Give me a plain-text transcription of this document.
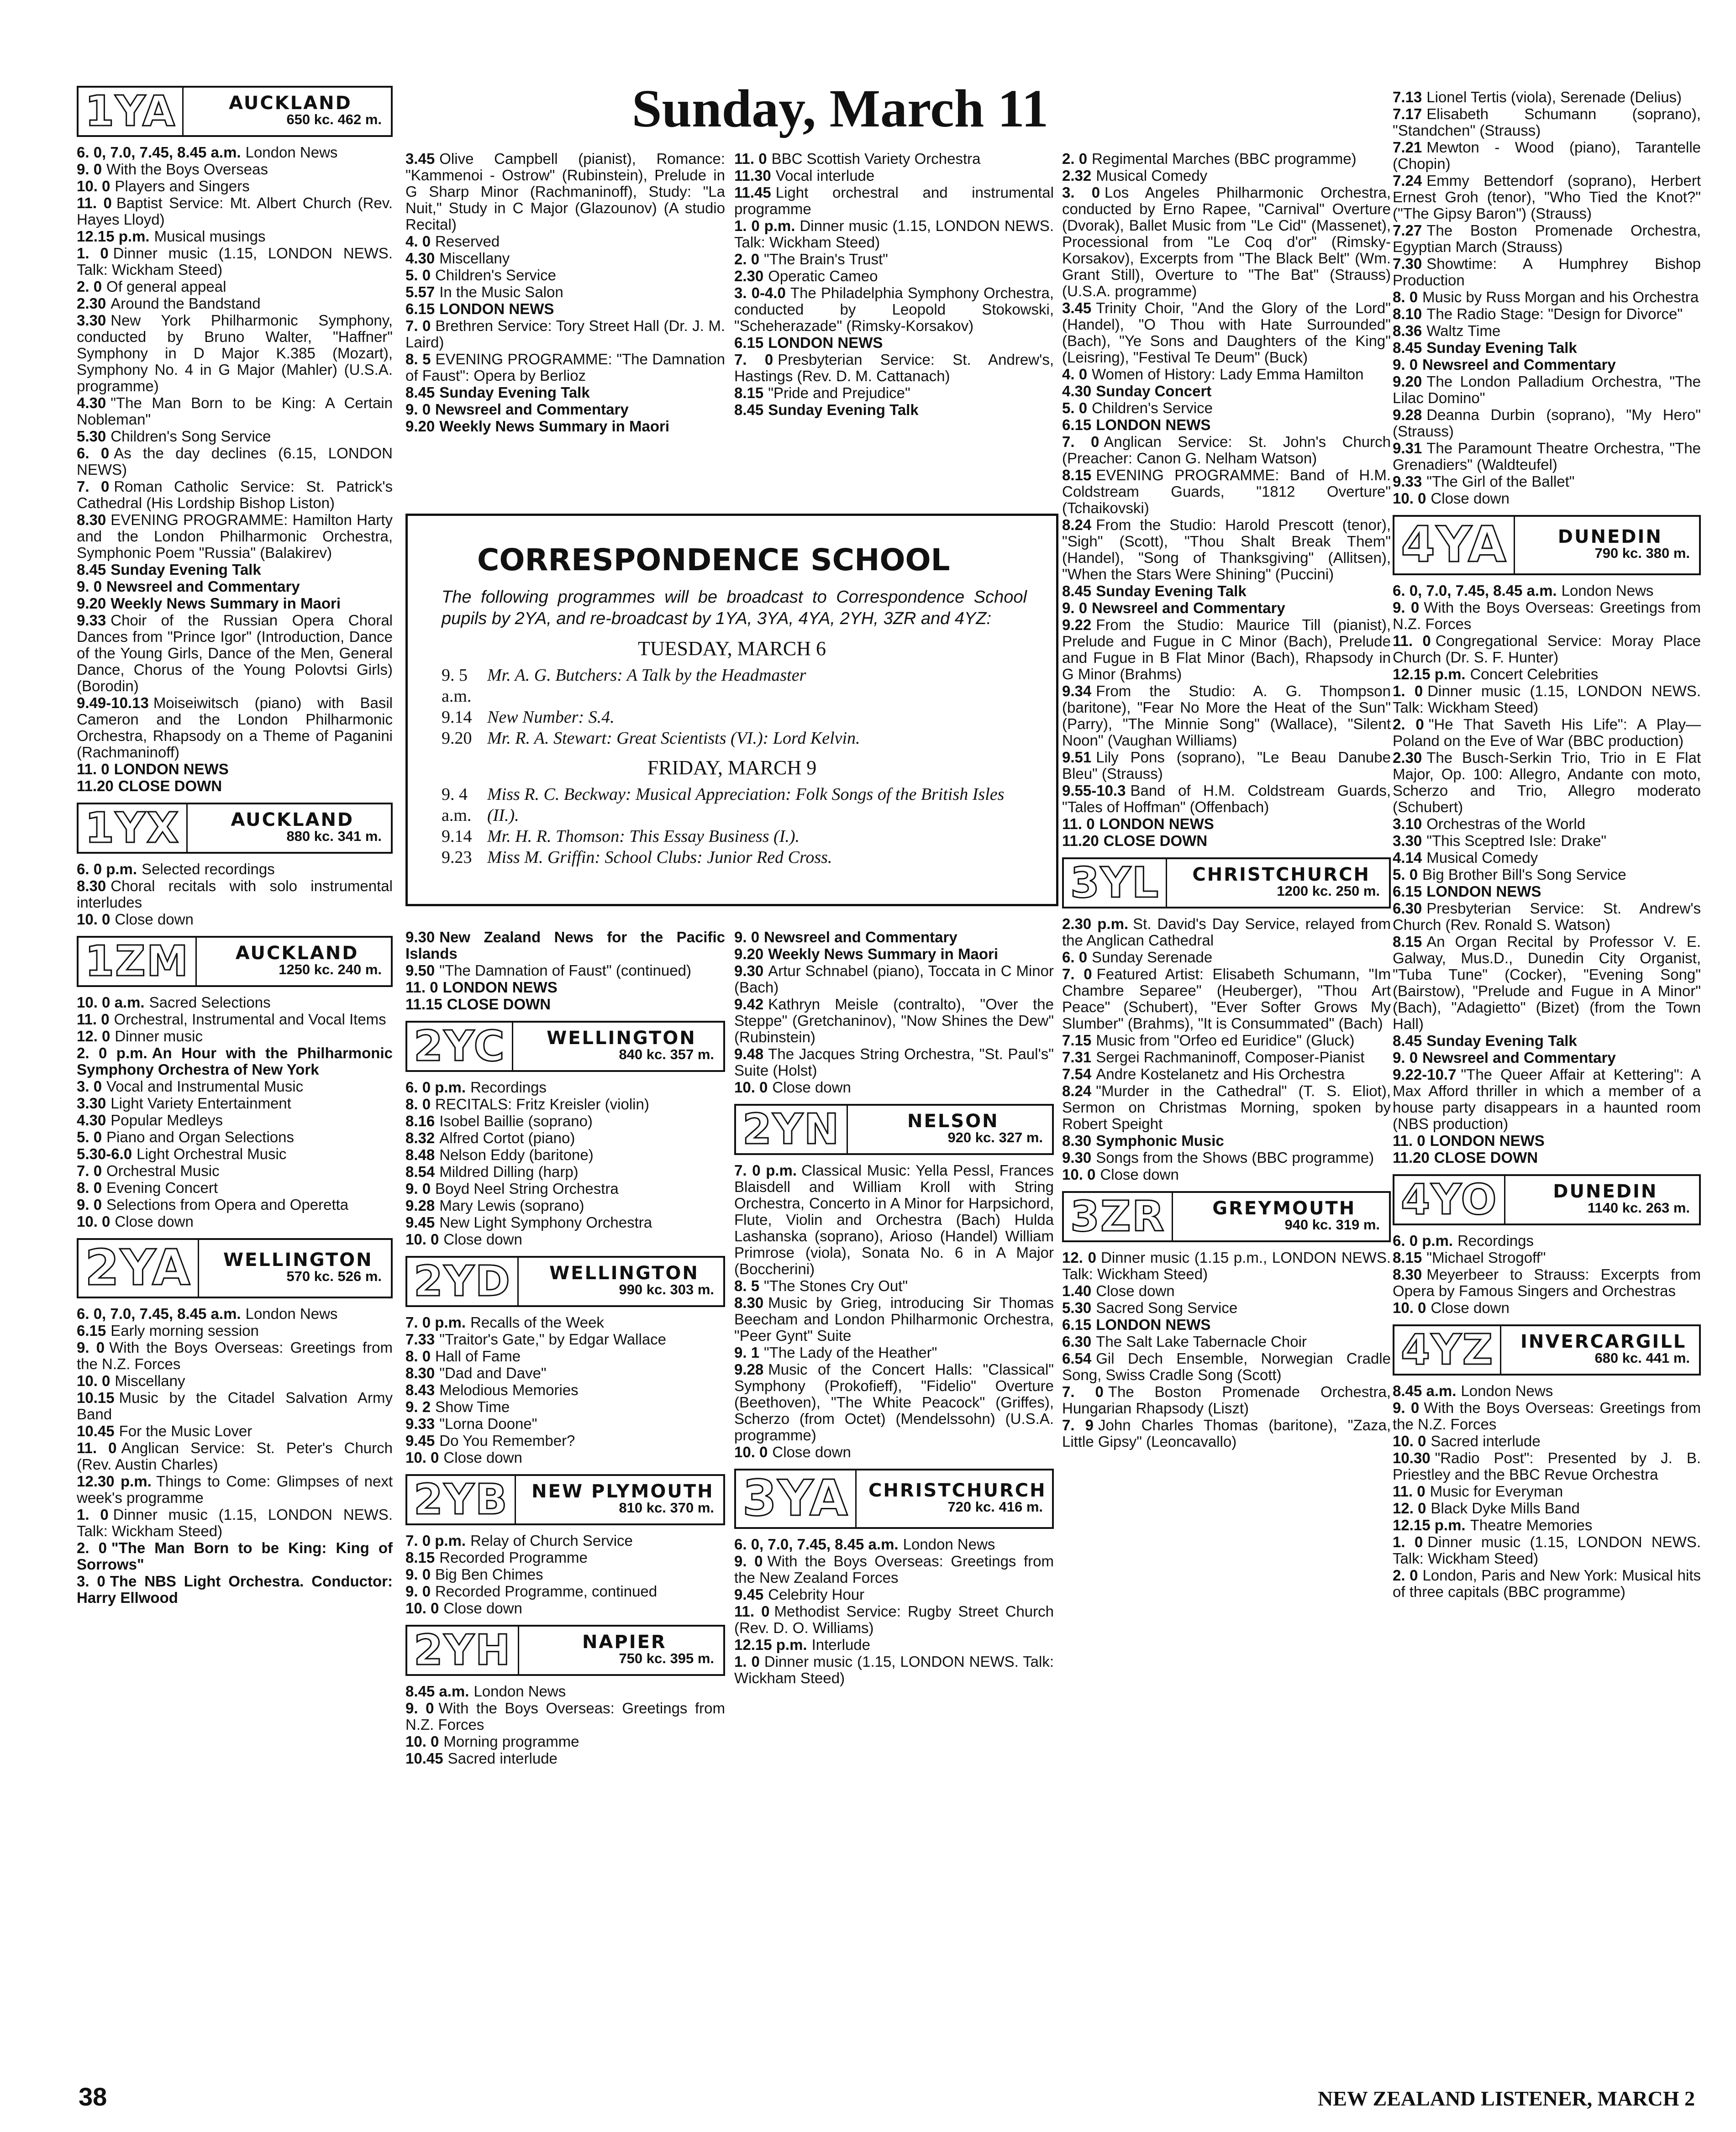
Sunday, March 11
1YA	AUCKLAND
650 kc. 462 m.
6. 0, 7.0, 7.45, 8.45 a.m. London News
9. 0 With the Boys Overseas
10. 0 Players and Singers
11. 0 Baptist Service: Mt. Albert Church (Rev. Hayes Lloyd)
12.15 p.m. Musical musings
1. 0 Dinner music (1.15, LONDON NEWS. Talk: Wickham Steed)
2. 0 Of general appeal
2.30 Around the Bandstand
3.30 New York Philharmonic Symphony, conducted by Bruno Walter, "Haffner" Symphony in D Major K.385 (Mozart), Symphony No. 4 in G Major (Mahler) (U.S.A. programme)
4.30 "The Man Born to be King: A Certain Nobleman"
5.30 Children's Song Service
6. 0 As the day declines (6.15, LONDON NEWS)
7. 0 Roman Catholic Service: St. Patrick's Cathedral (His Lordship Bishop Liston)
8.30 EVENING PROGRAMME: Hamilton Harty and the London Philharmonic Orchestra, Symphonic Poem "Russia" (Balakirev)
8.45 Sunday Evening Talk
9. 0 Newsreel and Commentary
9.20 Weekly News Summary in Maori
9.33 Choir of the Russian Opera Choral Dances from "Prince Igor" (Introduction, Dance of the Young Girls, Dance of the Men, General Dance, Chorus of the Young Polovtsi Girls) (Borodin)
9.49-10.13 Moiseiwitsch (piano) with Basil Cameron and the London Philharmonic Orchestra, Rhapsody on a Theme of Paganini (Rachmaninoff)
11. 0 LONDON NEWS
11.20 CLOSE DOWN
1YX	AUCKLAND
880 kc. 341 m.
6. 0 p.m. Selected recordings
8.30 Choral recitals with solo instrumental interludes
10. 0 Close down
1ZM	AUCKLAND
1250 kc. 240 m.
10. 0 a.m. Sacred Selections
11. 0 Orchestral, Instrumental and Vocal Items
12. 0 Dinner music
2. 0 p.m. An Hour with the Philharmonic Symphony Orchestra of New York
3. 0 Vocal and Instrumental Music
3.30 Light Variety Entertainment
4.30 Popular Medleys
5. 0 Piano and Organ Selections
5.30-6.0 Light Orchestral Music
7. 0 Orchestral Music
8. 0 Evening Concert
9. 0 Selections from Opera and Operetta
10. 0 Close down
2YA	WELLINGTON
570 kc. 526 m.
6. 0, 7.0, 7.45, 8.45 a.m. London News
6.15 Early morning session
9. 0 With the Boys Overseas: Greetings from the N.Z. Forces
10. 0 Miscellany
10.15 Music by the Citadel Salvation Army Band
10.45 For the Music Lover
11. 0 Anglican Service: St. Peter's Church (Rev. Austin Charles)
12.30 p.m. Things to Come: Glimpses of next week's programme
1. 0 Dinner music (1.15, LONDON NEWS. Talk: Wickham Steed)
2. 0 "The Man Born to be King: King of Sorrows"
3. 0 The NBS Light Orchestra. Conductor: Harry Ellwood
3.45 Olive Campbell (pianist), Romance: "Kammenoi - Ostrow" (Rubinstein), Prelude in G Sharp Minor (Rachmaninoff), Study: "La Nuit," Study in C Major (Glazounov) (A studio Recital)
4. 0 Reserved
4.30 Miscellany
5. 0 Children's Service
5.57 In the Music Salon
6.15 LONDON NEWS
7. 0 Brethren Service: Tory Street Hall (Dr. J. M. Laird)
8. 5 EVENING PROGRAMME: "The Damnation of Faust": Opera by Berlioz
8.45 Sunday Evening Talk
9. 0 Newsreel and Commentary
9.20 Weekly News Summary in Maori
11. 0 BBC Scottish Variety Orchestra
11.30 Vocal interlude
11.45 Light orchestral and instrumental programme
1. 0 p.m. Dinner music (1.15, LONDON NEWS. Talk: Wickham Steed)
2. 0 "The Brain's Trust"
2.30 Operatic Cameo
3. 0-4.0 The Philadelphia Symphony Orchestra, conducted by Leopold Stokowski, "Scheherazade" (Rimsky-Korsakov)
6.15 LONDON NEWS
7. 0 Presbyterian Service: St. Andrew's, Hastings (Rev. D. M. Cattanach)
8.15 "Pride and Prejudice"
8.45 Sunday Evening Talk
2. 0 Regimental Marches (BBC programme)
2.32 Musical Comedy
3. 0 Los Angeles Philharmonic Orchestra, conducted by Erno Rapee, "Carnival" Overture (Dvorak), Ballet Music from "Le Cid" (Massenet), Processional from "Le Coq d'or" (Rimsky-Korsakov), Excerpts from "The Black Belt" (Wm. Grant Still), Overture to "The Bat" (Strauss) (U.S.A. programme)
3.45 Trinity Choir, "And the Glory of the Lord" (Handel), "O Thou with Hate Surrounded" (Bach), "Ye Sons and Daughters of the King" (Leisring), "Festival Te Deum" (Buck)
4. 0 Women of History: Lady Emma Hamilton
4.30 Sunday Concert
5. 0 Children's Service
6.15 LONDON NEWS
7. 0 Anglican Service: St. John's Church (Preacher: Canon G. Nelham Watson)
8.15 EVENING PROGRAMME: Band of H.M. Coldstream Guards, "1812 Overture" (Tchaikovski)
8.24 From the Studio: Harold Prescott (tenor), "Sigh" (Scott), "Thou Shalt Break Them" (Handel), "Song of Thanksgiving" (Allitsen), "When the Stars Were Shining" (Puccini)
8.45 Sunday Evening Talk
9. 0 Newsreel and Commentary
9.22 From the Studio: Maurice Till (pianist), Prelude and Fugue in C Minor (Bach), Prelude and Fugue in B Flat Minor (Bach), Rhapsody in G Minor (Brahms)
9.34 From the Studio: A. G. Thompson (baritone), "Fear No More the Heat of the Sun" (Parry), "The Minnie Song" (Wallace), "Silent Noon" (Vaughan Williams)
9.51 Lily Pons (soprano), "Le Beau Danube Bleu" (Strauss)
9.55-10.3 Band of H.M. Coldstream Guards, "Tales of Hoffman" (Offenbach)
11. 0 LONDON NEWS
11.20 CLOSE DOWN
3YL	CHRISTCHURCH
1200 kc. 250 m.
2.30 p.m. St. David's Day Service, relayed from the Anglican Cathedral
6. 0 Sunday Serenade
7. 0 Featured Artist: Elisabeth Schumann, "Im Chambre Separee" (Heuberger), "Thou Art Peace" (Schubert), "Ever Softer Grows My Slumber" (Brahms), "It is Consummated" (Bach)
7.15 Music from "Orfeo ed Euridice" (Gluck)
7.31 Sergei Rachmaninoff, Composer-Pianist
7.54 Andre Kostelanetz and His Orchestra
8.24 "Murder in the Cathedral" (T. S. Eliot), Sermon on Christmas Morning, spoken by Robert Speight
8.30 Symphonic Music
9.30 Songs from the Shows (BBC programme)
10. 0 Close down
3ZR	GREYMOUTH
940 kc. 319 m.
12. 0 Dinner music (1.15 p.m., LONDON NEWS. Talk: Wickham Steed)
1.40 Close down
5.30 Sacred Song Service
6.15 LONDON NEWS
6.30 The Salt Lake Tabernacle Choir
6.54 Gil Dech Ensemble, Norwegian Cradle Song, Swiss Cradle Song (Scott)
7. 0 The Boston Promenade Orchestra, Hungarian Rhapsody (Liszt)
7. 9 John Charles Thomas (baritone), "Zaza, Little Gipsy" (Leoncavallo)
7.13 Lionel Tertis (viola), Serenade (Delius)
7.17 Elisabeth Schumann (soprano), "Standchen" (Strauss)
7.21 Mewton - Wood (piano), Tarantelle (Chopin)
7.24 Emmy Bettendorf (soprano), Herbert Ernest Groh (tenor), "Who Tied the Knot?" ("The Gipsy Baron") (Strauss)
7.27 The Boston Promenade Orchestra, Egyptian March (Strauss)
7.30 Showtime: A Humphrey Bishop Production
8. 0 Music by Russ Morgan and his Orchestra
8.10 The Radio Stage: "Design for Divorce"
8.36 Waltz Time
8.45 Sunday Evening Talk
9. 0 Newsreel and Commentary
9.20 The London Palladium Orchestra, "The Lilac Domino"
9.28 Deanna Durbin (soprano), "My Hero" (Strauss)
9.31 The Paramount Theatre Orchestra, "The Grenadiers" (Waldteufel)
9.33 "The Girl of the Ballet"
10. 0 Close down
4YA	DUNEDIN
790 kc. 380 m.
6. 0, 7.0, 7.45, 8.45 a.m. London News
9. 0 With the Boys Overseas: Greetings from N.Z. Forces
11. 0 Congregational Service: Moray Place Church (Dr. S. F. Hunter)
12.15 p.m. Concert Celebrities
1. 0 Dinner music (1.15, LONDON NEWS. Talk: Wickham Steed)
2. 0 "He That Saveth His Life": A Play—Poland on the Eve of War (BBC production)
2.30 The Busch-Serkin Trio, Trio in E Flat Major, Op. 100: Allegro, Andante con moto, Scherzo and Trio, Allegro moderato (Schubert)
3.10 Orchestras of the World
3.30 "This Sceptred Isle: Drake"
4.14 Musical Comedy
5. 0 Big Brother Bill's Song Service
6.15 LONDON NEWS
6.30 Presbyterian Service: St. Andrew's Church (Rev. Ronald S. Watson)
8.15 An Organ Recital by Professor V. E. Galway, Mus.D., Dunedin City Organist, "Tuba Tune" (Cocker), "Evening Song" (Bairstow), "Prelude and Fugue in A Minor" (Bach), "Adagietto" (Bizet) (from the Town Hall)
8.45 Sunday Evening Talk
9. 0 Newsreel and Commentary
9.22-10.7 "The Queer Affair at Kettering": A Max Afford thriller in which a member of a house party disappears in a haunted room (NBS production)
11. 0 LONDON NEWS
11.20 CLOSE DOWN
4YO	DUNEDIN
1140 kc. 263 m.
6. 0 p.m. Recordings
8.15 "Michael Strogoff"
8.30 Meyerbeer to Strauss: Excerpts from Opera by Famous Singers and Orchestras
10. 0 Close down
4YZ	INVERCARGILL
680 kc. 441 m.
8.45 a.m. London News
9. 0 With the Boys Overseas: Greetings from the N.Z. Forces
10. 0 Sacred interlude
10.30 "Radio Post": Presented by J. B. Priestley and the BBC Revue Orchestra
11. 0 Music for Everyman
12. 0 Black Dyke Mills Band
12.15 p.m. Theatre Memories
1. 0 Dinner music (1.15, LONDON NEWS. Talk: Wickham Steed)
2. 0 London, Paris and New York: Musical hits of three capitals (BBC programme)
CORRESPONDENCE SCHOOL
The following programmes will be broadcast to Correspondence School pupils by 2YA, and re-broadcast by 1YA, 3YA, 4YA, 2YH, 3ZR and 4YZ:
TUESDAY, MARCH 6
9. 5 a.m.
Mr. A. G. Butchers: A Talk by the Headmaster
9.14 New Number: S.4.
9.20 Mr. R. A. Stewart: Great Scientists (VI.): Lord Kelvin.
FRIDAY, MARCH 9
9. 4 a.m.
Miss R. C. Beckway: Musical Appreciation: Folk Songs of the British Isles (II.).
9.14 Mr. H. R. Thomson: This Essay Business (I.).
9.23 Miss M. Griffin: School Clubs: Junior Red Cross.
9.30 New Zealand News for the Pacific Islands
9.50 "The Damnation of Faust" (continued)
11. 0 LONDON NEWS
11.15 CLOSE DOWN
2YC	WELLINGTON
840 kc. 357 m.
6. 0 p.m. Recordings
8. 0 RECITALS: Fritz Kreisler (violin)
8.16 Isobel Baillie (soprano)
8.32 Alfred Cortot (piano)
8.48 Nelson Eddy (baritone)
8.54 Mildred Dilling (harp)
9. 0 Boyd Neel String Orchestra
9.28 Mary Lewis (soprano)
9.45 New Light Symphony Orchestra
10. 0 Close down
2YD	WELLINGTON
990 kc. 303 m.
7. 0 p.m. Recalls of the Week
7.33 "Traitor's Gate," by Edgar Wallace
8. 0 Hall of Fame
8.30 "Dad and Dave"
8.43 Melodious Memories
9. 2 Show Time
9.33 "Lorna Doone"
9.45 Do You Remember?
10. 0 Close down
2YB	NEW PLYMOUTH
810 kc. 370 m.
7. 0 p.m. Relay of Church Service
8.15 Recorded Programme
9. 0 Big Ben Chimes
9. 0 Recorded Programme, continued
10. 0 Close down
2YH	NAPIER
750 kc. 395 m.
8.45 a.m. London News
9. 0 With the Boys Overseas: Greetings from N.Z. Forces
10. 0 Morning programme
10.45 Sacred interlude
9. 0 Newsreel and Commentary
9.20 Weekly News Summary in Maori
9.30 Artur Schnabel (piano), Toccata in C Minor (Bach)
9.42 Kathryn Meisle (contralto), "Over the Steppe" (Gretchaninov), "Now Shines the Dew" (Rubinstein)
9.48 The Jacques String Orchestra, "St. Paul's" Suite (Holst)
10. 0 Close down
2YN	NELSON
920 kc. 327 m.
7. 0 p.m. Classical Music: Yella Pessl, Frances Blaisdell and William Kroll with String Orchestra, Concerto in A Minor for Harpsichord, Flute, Violin and Orchestra (Bach) Hulda Lashanska (soprano), Arioso (Handel) William Primrose (viola), Sonata No. 6 in A Major (Boccherini)
8. 5 "The Stones Cry Out"
8.30 Music by Grieg, introducing Sir Thomas Beecham and London Philharmonic Orchestra, "Peer Gynt" Suite
9. 1 "The Lady of the Heather"
9.28 Music of the Concert Halls: "Classical" Symphony (Prokofieff), "Fidelio" Overture (Beethoven), "The White Peacock" (Griffes), Scherzo (from Octet) (Mendelssohn) (U.S.A. programme)
10. 0 Close down
3YA	CHRISTCHURCH
720 kc. 416 m.
6. 0, 7.0, 7.45, 8.45 a.m. London News
9. 0 With the Boys Overseas: Greetings from the New Zealand Forces
9.45 Celebrity Hour
11. 0 Methodist Service: Rugby Street Church (Rev. D. O. Williams)
12.15 p.m. Interlude
1. 0 Dinner music (1.15, LONDON NEWS. Talk: Wickham Steed)
38	NEW ZEALAND LISTENER, MARCH 2
